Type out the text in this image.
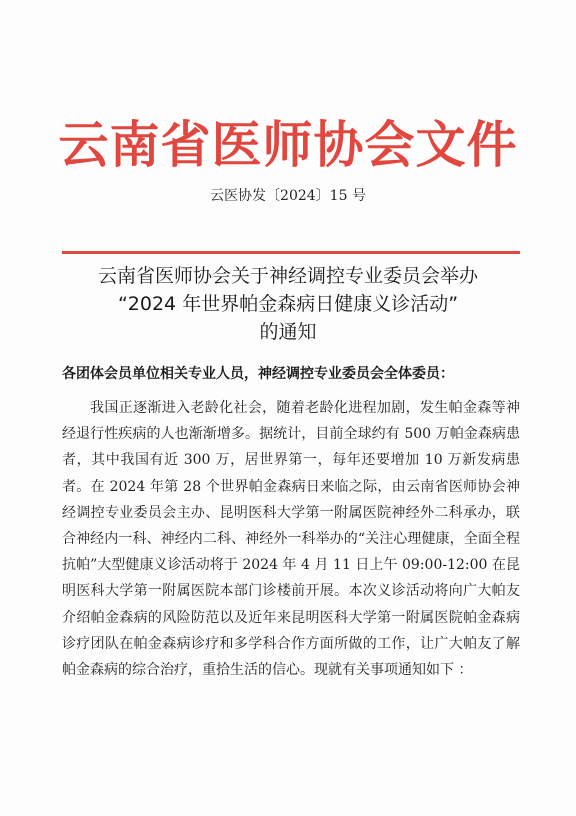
云南省医师协会文件
云医协发〔2024〕15 号
云南省医师协会关于神经调控专业委员会举办
“2024 年世界帕金森病日健康义诊活动”
的通知
各团体会员单位相关专业人员，神经调控专业委员会全体委员：
我国正逐渐进入老龄化社会，随着老龄化进程加剧，发生帕金森等神经退行性疾病的人也渐渐增多。据统计，目前全球约有 500 万帕金森病患者，其中我国有近 300 万，居世界第一，每年还要增加 10 万新发病患者。在 2024 年第 28 个世界帕金森病日来临之际，由云南省医师协会神经调控专业委员会主办、昆明医科大学第一附属医院神经外二科承办，联合神经内一科、神经内二科、神经外一科举办的“关注心理健康，全面全程抗帕”大型健康义诊活动将于 2024 年 4 月 11 日上午 09:00-12:00 在昆明医科大学第一附属医院本部门诊楼前开展。本次义诊活动将向广大帕友介绍帕金森病的风险防范以及近年来昆明医科大学第一附属医院帕金森病诊疗团队在帕金森病诊疗和多学科合作方面所做的工作，让广大帕友了解帕金森病的综合治疗，重拾生活的信心。现就有关事项通知如下 ：
